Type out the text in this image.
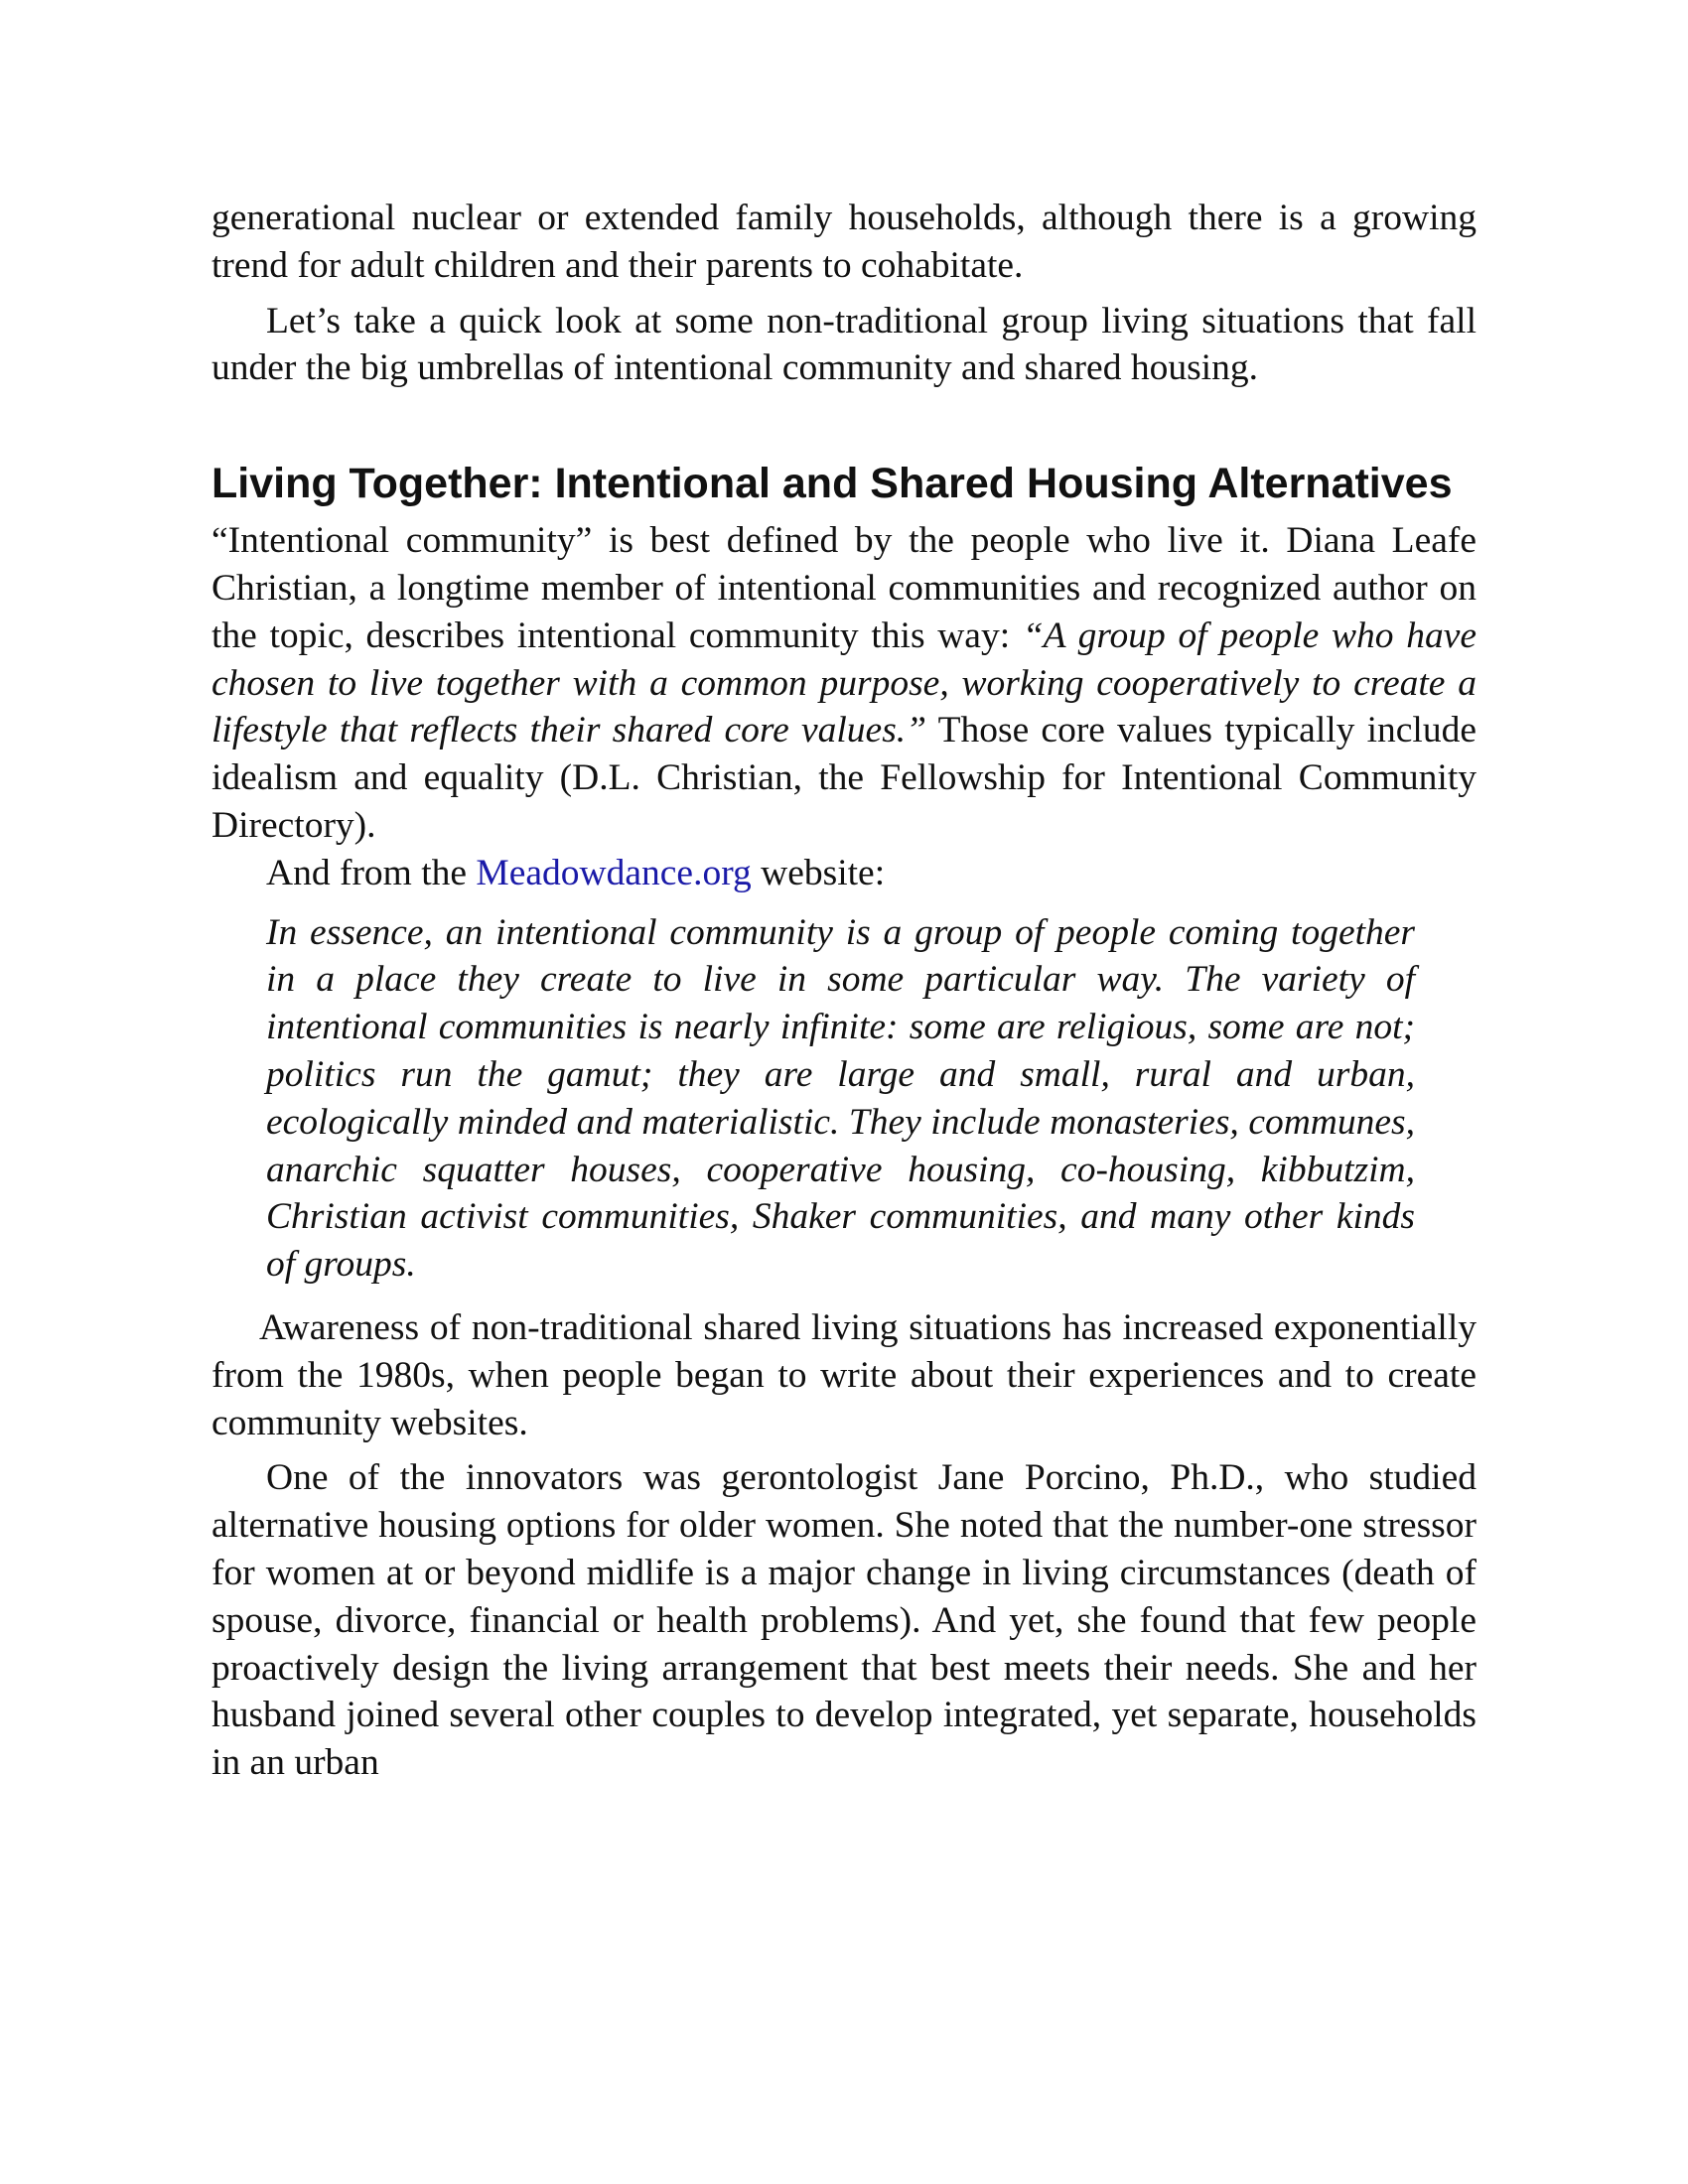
generational nuclear or extended family households, although there is a growing trend for adult children and their parents to cohabitate.

Let’s take a quick look at some non-traditional group living situations that fall under the big umbrellas of intentional community and shared housing.

Living Together: Intentional and Shared Housing Alternatives

“Intentional community” is best defined by the people who live it. Diana Leafe Christian, a longtime member of intentional communities and recognized author on the topic, describes intentional community this way: “A group of people who have chosen to live together with a common purpose, working cooperatively to create a lifestyle that reflects their shared core values.” Those core values typically include idealism and equality (D.L. Christian, the Fellowship for Intentional Community Directory).

And from the Meadowdance.org website:

In essence, an intentional community is a group of people coming together in a place they create to live in some particular way. The variety of intentional communities is nearly infinite: some are religious, some are not; politics run the gamut; they are large and small, rural and urban, ecologically minded and materialistic. They include monasteries, communes, anarchic squatter houses, cooperative housing, co-housing, kibbutzim, Christian activist communities, Shaker communities, and many other kinds of groups.

Awareness of non-traditional shared living situations has increased exponentially from the 1980s, when people began to write about their experiences and to create community websites.

One of the innovators was gerontologist Jane Porcino, Ph.D., who studied alternative housing options for older women. She noted that the number-one stressor for women at or beyond midlife is a major change in living circumstances (death of spouse, divorce, financial or health problems). And yet, she found that few people proactively design the living arrangement that best meets their needs. She and her husband joined several other couples to develop integrated, yet separate, households in an urban
